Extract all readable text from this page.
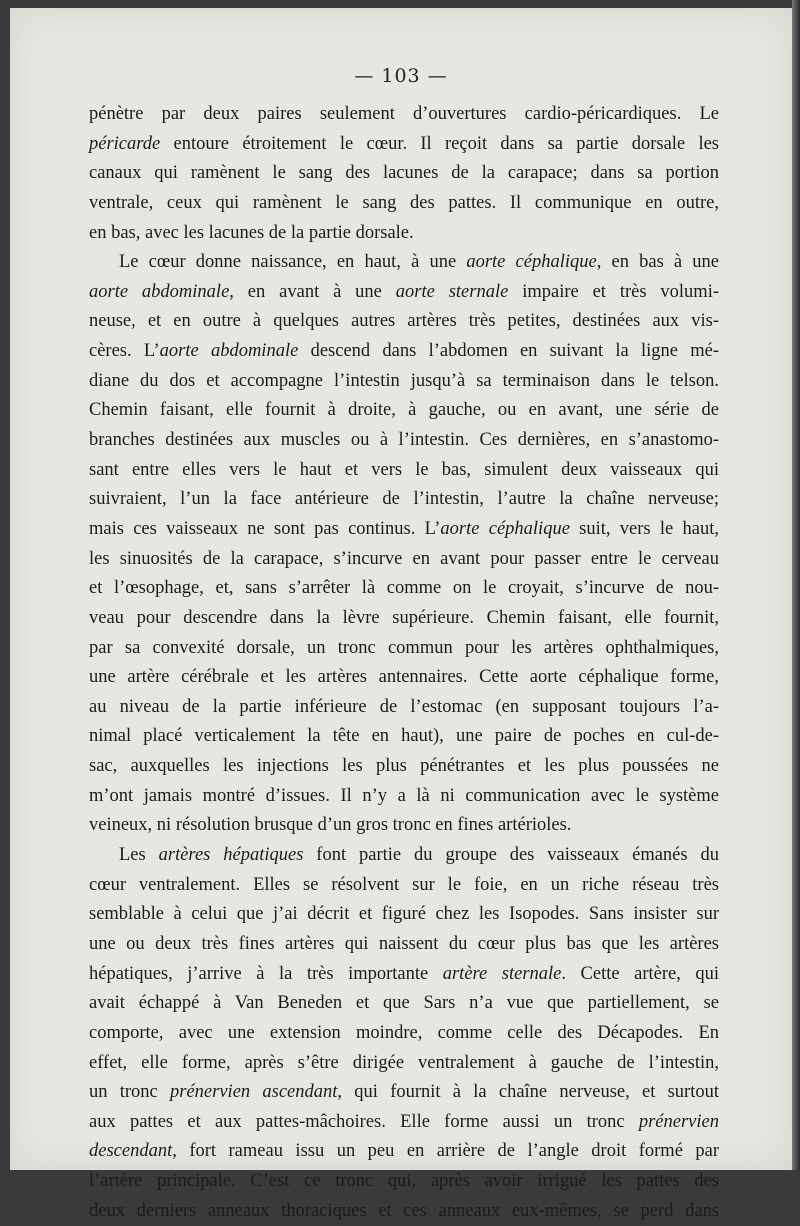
— 103 —
pénètre par deux paires seulement d’ouvertures cardio-péricardiques. Le
péricarde entoure étroitement le cœur. Il reçoit dans sa partie dorsale les
canaux qui ramènent le sang des lacunes de la carapace; dans sa portion
ventrale, ceux qui ramènent le sang des pattes. Il communique en outre,
en bas, avec les lacunes de la partie dorsale.
Le cœur donne naissance, en haut, à une aorte céphalique, en bas à une
aorte abdominale, en avant à une aorte sternale impaire et très volumi-
neuse, et en outre à quelques autres artères très petites, destinées aux vis-
cères. L’aorte abdominale descend dans l’abdomen en suivant la ligne mé-
diane du dos et accompagne l’intestin jusqu’à sa terminaison dans le telson.
Chemin faisant, elle fournit à droite, à gauche, ou en avant, une série de
branches destinées aux muscles ou à l’intestin. Ces dernières, en s’anastomo-
sant entre elles vers le haut et vers le bas, simulent deux vaisseaux qui
suivraient, l’un la face antérieure de l’intestin, l’autre la chaîne nerveuse;
mais ces vaisseaux ne sont pas continus. L’aorte céphalique suit, vers le haut,
les sinuosités de la carapace, s’incurve en avant pour passer entre le cerveau
et l’œsophage, et, sans s’arrêter là comme on le croyait, s’incurve de nou-
veau pour descendre dans la lèvre supérieure. Chemin faisant, elle fournit,
par sa convexité dorsale, un tronc commun pour les artères ophthalmiques,
une artère cérébrale et les artères antennaires. Cette aorte céphalique forme,
au niveau de la partie inférieure de l’estomac (en supposant toujours l’a-
nimal placé verticalement la tête en haut), une paire de poches en cul-de-
sac, auxquelles les injections les plus pénétrantes et les plus poussées ne
m’ont jamais montré d’issues. Il n’y a là ni communication avec le système
veineux, ni résolution brusque d’un gros tronc en fines artérioles.
Les artères hépatiques font partie du groupe des vaisseaux émanés du
cœur ventralement. Elles se résolvent sur le foie, en un riche réseau très
semblable à celui que j’ai décrit et figuré chez les Isopodes. Sans insister sur
une ou deux très fines artères qui naissent du cœur plus bas que les artères
hépatiques, j’arrive à la très importante artère sternale. Cette artère, qui
avait échappé à Van Beneden et que Sars n’a vue que partiellement, se
comporte, avec une extension moindre, comme celle des Décapodes. En
effet, elle forme, après s’être dirigée ventralement à gauche de l’intestin,
un tronc prénervien ascendant, qui fournit à la chaîne nerveuse, et surtout
aux pattes et aux pattes-mâchoires. Elle forme aussi un tronc prénervien
descendant, fort rameau issu un peu en arrière de l’angle droit formé par
l’artère principale. C’est ce tronc qui, après avoir irrigué les pattes des
deux derniers anneaux thoraciques et ces anneaux eux-mêmes, se perd dans
